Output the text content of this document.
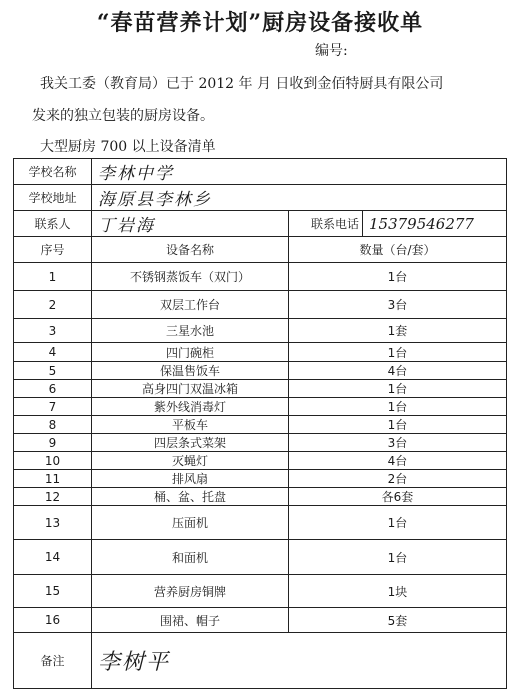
“春苗营养计划”厨房设备接收单
编号:
我关工委（教育局）已于 2012 年 月 日收到金佰特厨具有限公司
发来的独立包装的厨房设备。
大型厨房 700 以上设备清单
学校名称	李林中学		
学校地址	海原县李林乡		
联系人	丁岩海	联系电话	15379546277
序号	设备名称	数量（台/套）	
1	不锈钢蒸饭车（双门）	1台	
2	双层工作台	3台	
3	三星水池	1套	
4	四门碗柜	1台	
5	保温售饭车	4台	
6	高身四门双温冰箱	1台	
7	紫外线消毒灯	1台	
8	平板车	1台	
9	四层条式菜架	3台	
10	灭蝇灯	4台	
11	排风扇	2台	
12	桶、盆、托盘	各6套	
13	压面机	1台	
14	和面机	1台	
15	营养厨房铜牌	1块	
16	围裙、帽子	5套	
备注	李树平		
